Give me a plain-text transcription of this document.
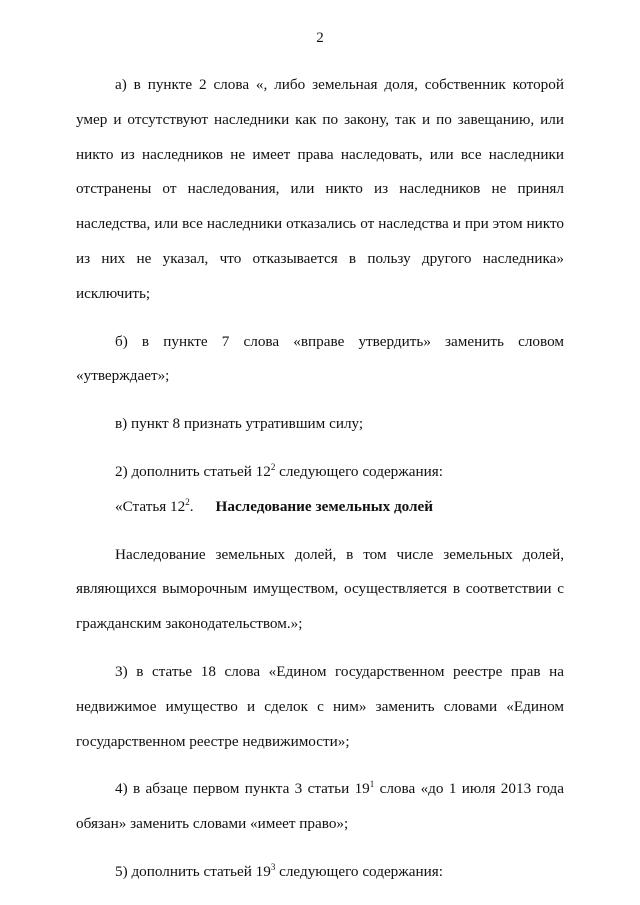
2

а) в пункте 2 слова «, либо земельная доля, собственник которой умер и отсутствуют наследники как по закону, так и по завещанию, или никто из наследников не имеет права наследовать, или все наследники отстранены от наследования, или никто из наследников не принял наследства, или все наследники отказались от наследства и при этом никто из них не указал, что отказывается в пользу другого наследника» исключить;

б) в пункте 7 слова «вправе утвердить» заменить словом «утверждает»;

в) пункт 8 признать утратившим силу;

2) дополнить статьей $12^2$ следующего содержания:

«Статья $12^2$. Наследование земельных долей

Наследование земельных долей, в том числе земельных долей, являющихся выморочным имуществом, осуществляется в соответствии с гражданским законодательством.»;

3) в статье 18 слова «Едином государственном реестре прав на недвижимое имущество и сделок с ним» заменить словами «Едином государственном реестре недвижимости»;

4) в абзаце первом пункта 3 статьи $19^1$ слова «до 1 июля 2013 года обязан» заменить словами «имеет право»;

5) дополнить статьей $19^3$ следующего содержания:
